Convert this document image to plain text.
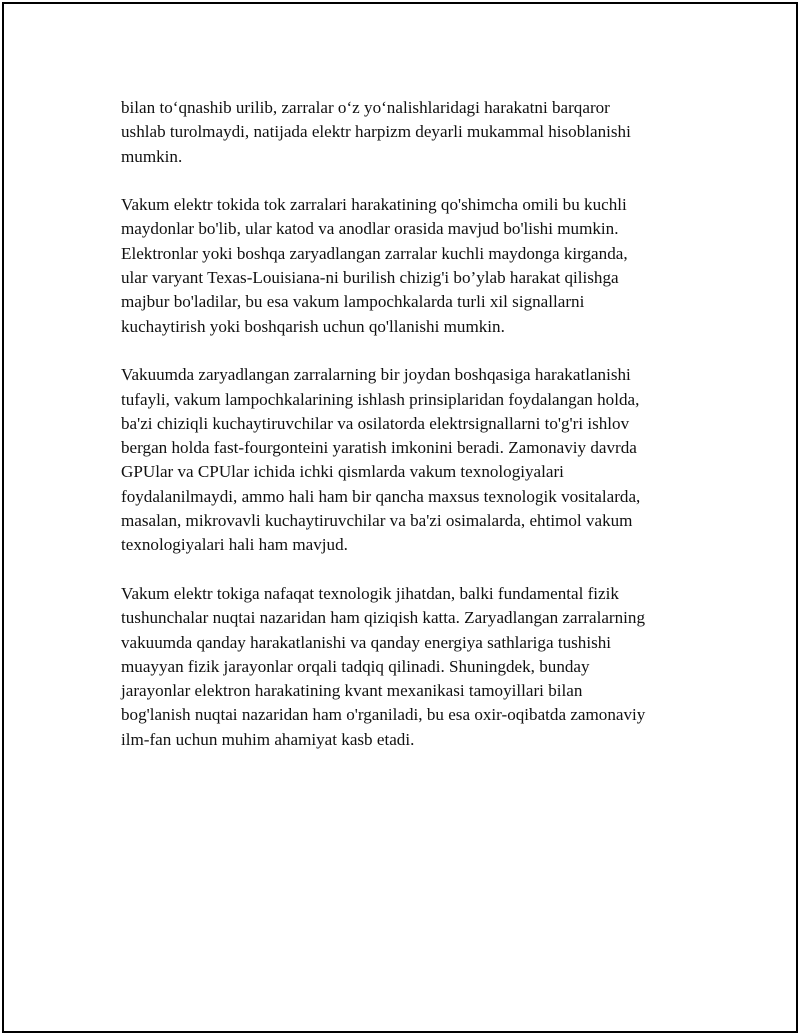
bilan to‘qnashib urilib, zarralar o‘z yo‘nalishlaridagi harakatni barqaror
ushlab turolmaydi, natijada elektr harpizm deyarli mukammal hisoblanishi
mumkin.

Vakum elektr tokida tok zarralari harakatining qo'shimcha omili bu kuchli
maydonlar bo'lib, ular katod va anodlar orasida mavjud bo'lishi mumkin.
Elektronlar yoki boshqa zaryadlangan zarralar kuchli maydonga kirganda,
ular varyant Texas-Louisiana-ni burilish chizig'i bo’ylab harakat qilishga
majbur bo'ladilar, bu esa vakum lampochkalarda turli xil signallarni
kuchaytirish yoki boshqarish uchun qo'llanishi mumkin.

Vakuumda zaryadlangan zarralarning bir joydan boshqasiga harakatlanishi
tufayli, vakum lampochkalarining ishlash prinsiplaridan foydalangan holda,
ba'zi chiziqli kuchaytiruvchilar va osilatorda elektrsignallarni to'g'ri ishlov
bergan holda fast-fourgonteini yaratish imkonini beradi. Zamonaviy davrda
GPUlar va CPUlar ichida ichki qismlarda vakum texnologiyalari
foydalanilmaydi, ammo hali ham bir qancha maxsus texnologik vositalarda,
masalan, mikrovavli kuchaytiruvchilar va ba'zi osimalarda, ehtimol vakum
texnologiyalari hali ham mavjud.

Vakum elektr tokiga nafaqat texnologik jihatdan, balki fundamental fizik
tushunchalar nuqtai nazaridan ham qiziqish katta. Zaryadlangan zarralarning
vakuumda qanday harakatlanishi va qanday energiya sathlariga tushishi
muayyan fizik jarayonlar orqali tadqiq qilinadi. Shuningdek, bunday
jarayonlar elektron harakatining kvant mexanikasi tamoyillari bilan
bog'lanish nuqtai nazaridan ham o'rganiladi, bu esa oxir-oqibatda zamonaviy
ilm-fan uchun muhim ahamiyat kasb etadi.
